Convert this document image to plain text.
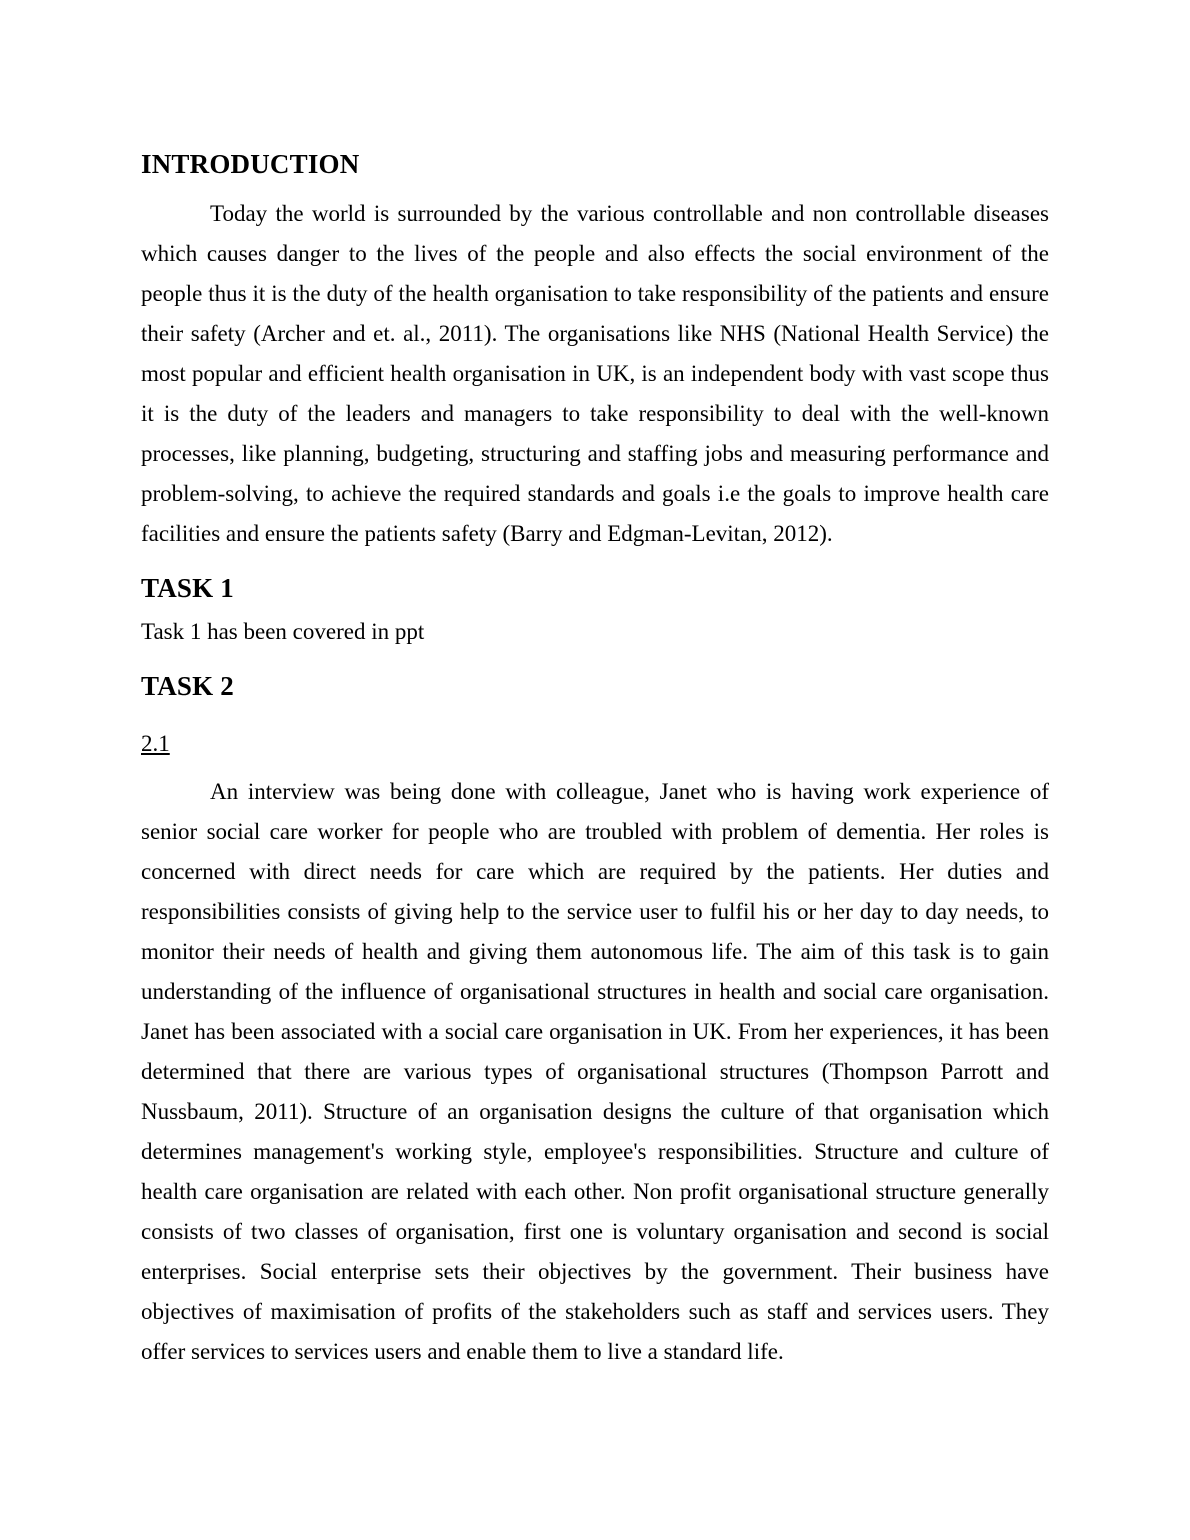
INTRODUCTION

Today the world is surrounded by the various controllable and non controllable diseases which causes danger to the lives of the people and also effects the social environment of the people thus it is the duty of the health organisation to take responsibility of the patients and ensure their safety (Archer and et. al., 2011). The organisations like NHS (National Health Service) the most popular and efficient health organisation in UK, is an independent body with vast scope thus it is the duty of the leaders and managers to take responsibility to deal with the well-known processes, like planning, budgeting, structuring and staffing jobs and measuring performance and problem-solving, to achieve the required standards and goals i.e the goals to improve health care facilities and ensure the patients safety (Barry and Edgman-Levitan, 2012).

TASK 1

Task 1 has been covered in ppt

TASK 2
2.1

An interview was being done with colleague, Janet who is having work experience of senior social care worker for people who are troubled with problem of dementia. Her roles is concerned with direct needs for care which are required by the patients. Her duties and responsibilities consists of giving help to the service user to fulfil his or her day to day needs, to monitor their needs of health and giving them autonomous life. The aim of this task is to gain understanding of the influence of organisational structures in health and social care organisation. Janet has been associated with a social care organisation in UK. From her experiences, it has been determined that there are various types of organisational structures (Thompson Parrott and Nussbaum, 2011). Structure of an organisation designs the culture of that organisation which determines management's working style, employee's responsibilities. Structure and culture of health care organisation are related with each other. Non profit organisational structure generally consists of two classes of organisation, first one is voluntary organisation and second is social enterprises. Social enterprise sets their objectives by the government. Their business have objectives of maximisation of profits of the stakeholders such as staff and services users. They offer services to services users and enable them to live a standard life.
